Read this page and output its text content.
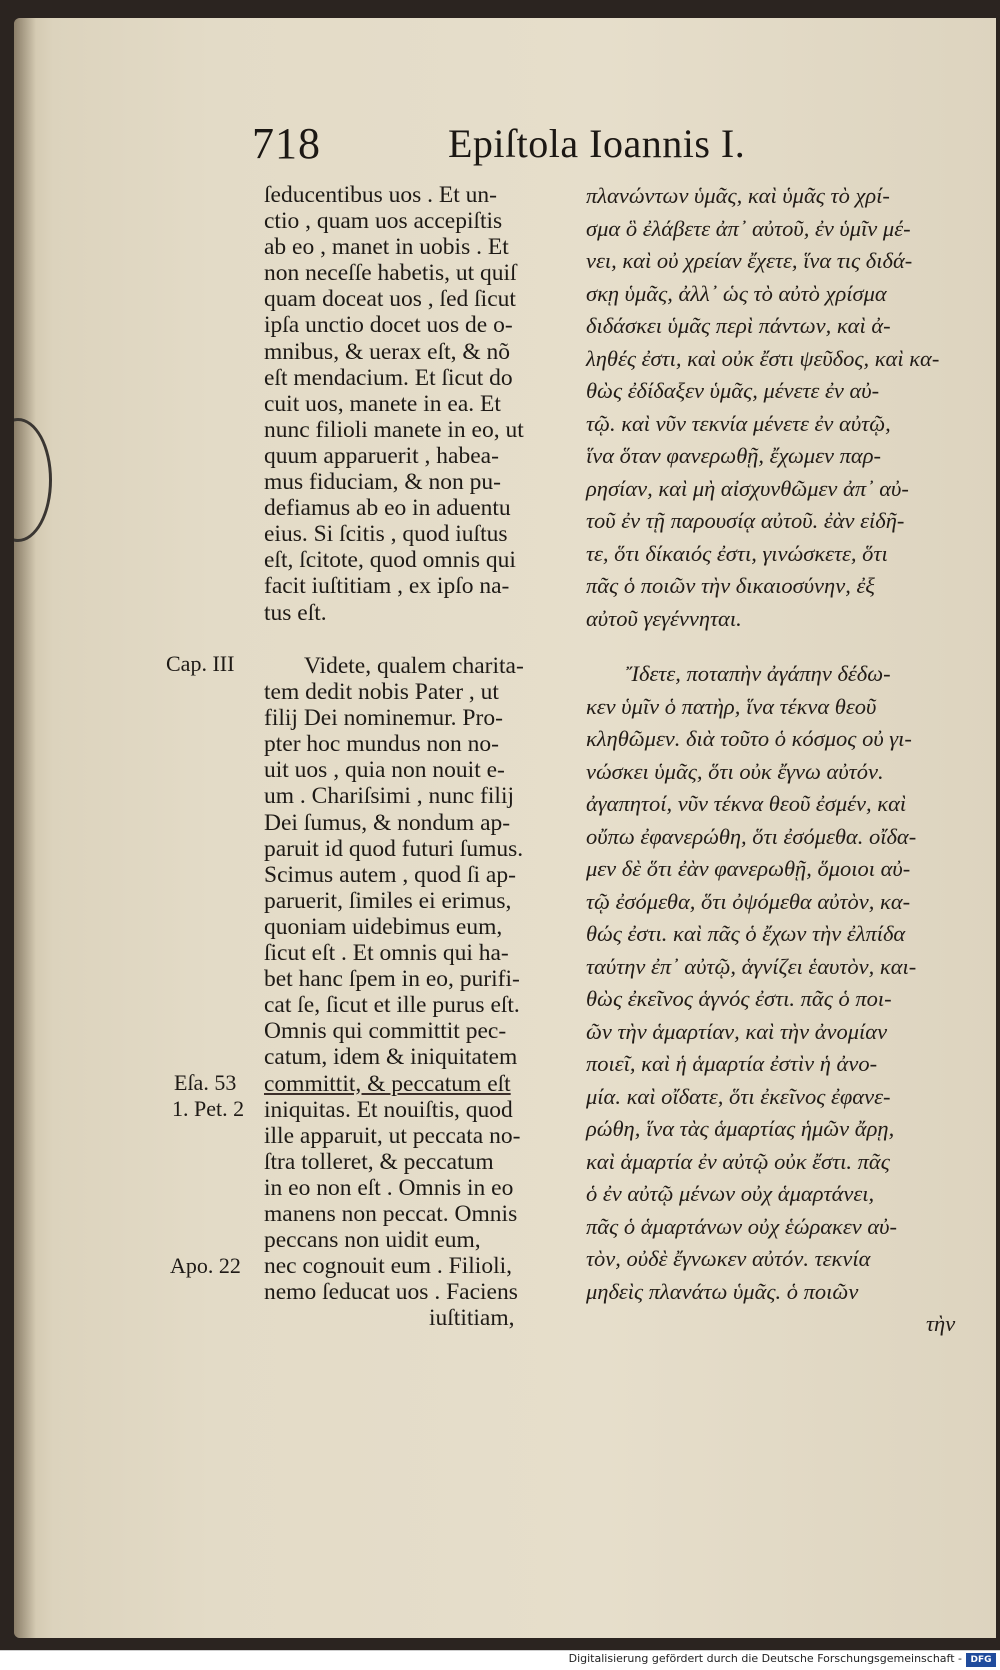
718	Epiſtola Ioannis I.
ſeducentibus uos . Et un-
ctio , quam uos accepiſtis
ab eo , manet in uobis . Et
non neceſſe habetis, ut quiſ
quam doceat uos , ſed ſicut
ipſa unctio docet uos de o-
mnibus, & uerax eſt, & nõ
eſt mendacium. Et ſicut do
cuit uos, manete in ea. Et
nunc filioli manete in eo, ut
quum apparuerit , habea-
mus fiduciam, & non pu-
defiamus ab eo in aduentu
eius. Si ſcitis , quod iuſtus
eſt, ſcitote, quod omnis qui
facit iuſtitiam , ex ipſo na-
tus eſt.
Videte, qualem charita-
tem dedit nobis Pater , ut
filij Dei nominemur. Pro-
pter hoc mundus non no-
uit uos , quia non nouit e-
um . Chariſsimi , nunc filij
Dei ſumus, & nondum ap-
paruit id quod futuri ſumus.
Scimus autem , quod ſi ap-
paruerit, ſimiles ei erimus,
quoniam uidebimus eum,
ſicut eſt . Et omnis qui ha-
bet hanc ſpem in eo, purifi-
cat ſe, ſicut et ille purus eſt.
Omnis qui committit pec-
catum, idem & iniquitatem
committit, & peccatum eſt
iniquitas. Et nouiſtis, quod
ille apparuit, ut peccata no-
ſtra tolleret, & peccatum
in eo non eſt . Omnis in eo
manens non peccat. Omnis
peccans non uidit eum,
nec cognouit eum . Filioli,
nemo ſeducat uos . Faciens
iuſtitiam,
Cap. III
Eſa. 53
1. Pet. 2
Apo. 22
πλανώντων ὑμᾶς, καὶ ὑμᾶς τὸ χρί-
σμα ὃ ἐλάβετε ἀπ᾽ αὐτοῦ, ἐν ὑμῖν μέ-
νει, καὶ οὐ χρείαν ἔχετε, ἵνα τις διδά-
σκῃ ὑμᾶς, ἀλλ᾽ ὡς τὸ αὐτὸ χρίσμα
διδάσκει ὑμᾶς περὶ πάντων, καὶ ἀ-
ληθές ἐστι, καὶ οὐκ ἔστι ψεῦδος, καὶ κα-
θὼς ἐδίδαξεν ὑμᾶς, μένετε ἐν αὐ-
τῷ. καὶ νῦν τεκνία μένετε ἐν αὐτῷ,
ἵνα ὅταν φανερωθῇ, ἔχωμεν παρ-
ρησίαν, καὶ μὴ αἰσχυνθῶμεν ἀπ᾽ αὐ-
τοῦ ἐν τῇ παρουσίᾳ αὐτοῦ. ἐὰν εἰδῆ-
τε, ὅτι δίκαιός ἐστι, γινώσκετε, ὅτι
πᾶς ὁ ποιῶν τὴν δικαιοσύνην, ἐξ
αὐτοῦ γεγέννηται.
Ἴδετε, ποταπὴν ἀγάπην δέδω-
κεν ὑμῖν ὁ πατὴρ, ἵνα τέκνα θεοῦ
κληθῶμεν. διὰ τοῦτο ὁ κόσμος οὐ γι-
νώσκει ὑμᾶς, ὅτι οὐκ ἔγνω αὐτόν.
ἀγαπητοί, νῦν τέκνα θεοῦ ἐσμέν, καὶ
οὔπω ἐφανερώθη, ὅτι ἐσόμεθα. οἴδα-
μεν δὲ ὅτι ἐὰν φανερωθῇ, ὅμοιοι αὐ-
τῷ ἐσόμεθα, ὅτι ὀψόμεθα αὐτὸν, κα-
θώς ἐστι. καὶ πᾶς ὁ ἔχων τὴν ἐλπίδα
ταύτην ἐπ᾽ αὐτῷ, ἁγνίζει ἑαυτὸν, και-
θὼς ἐκεῖνος ἁγνός ἐστι. πᾶς ὁ ποι-
ῶν τὴν ἁμαρτίαν, καὶ τὴν ἀνομίαν
ποιεῖ, καὶ ἡ ἁμαρτία ἐστὶν ἡ ἀνο-
μία. καὶ οἴδατε, ὅτι ἐκεῖνος ἐφανε-
ρώθη, ἵνα τὰς ἁμαρτίας ἡμῶν ἄρῃ,
καὶ ἁμαρτία ἐν αὐτῷ οὐκ ἔστι. πᾶς
ὁ ἐν αὐτῷ μένων οὐχ ἁμαρτάνει,
πᾶς ὁ ἁμαρτάνων οὐχ ἑώρακεν αὐ-
τὸν, οὐδὲ ἔγνωκεν αὐτόν. τεκνία
μηδεὶς πλανάτω ὑμᾶς. ὁ ποιῶν
τὴν
Digitalisierung gefördert durch die Deutsche Forschungsgemeinschaft - DFG
